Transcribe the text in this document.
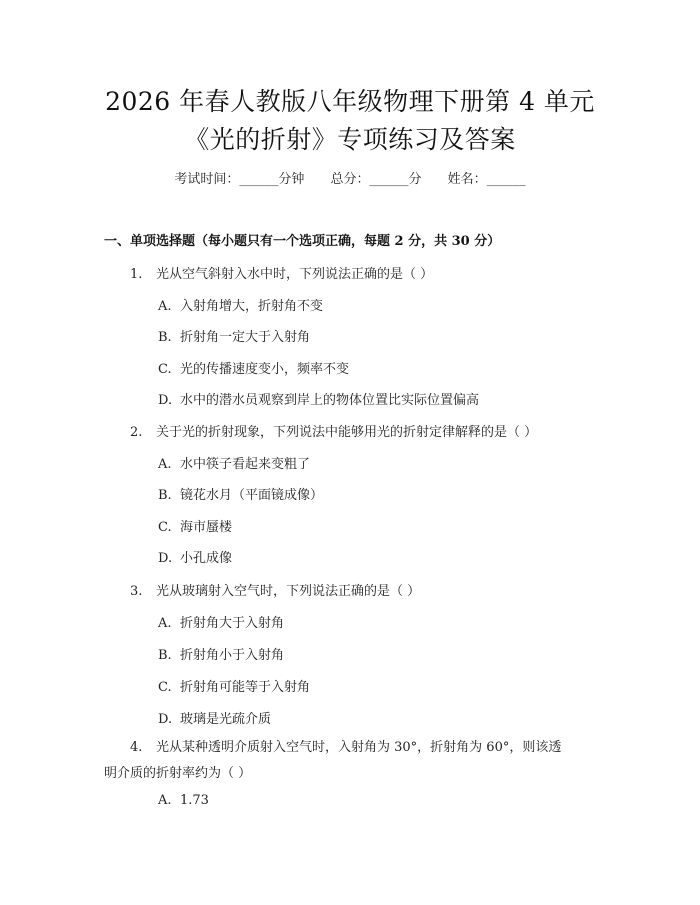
2026 年春人教版八年级物理下册第 4 单元
《光的折射》专项练习及答案
考试时间：______分钟 总分：______分 姓名：______
一、单项选择题（每小题只有一个选项正确，每题 2 分，共 30 分）
1. 光从空气斜射入水中时，下列说法正确的是（ ）
A. 入射角增大，折射角不变
B. 折射角一定大于入射角
C. 光的传播速度变小，频率不变
D. 水中的潜水员观察到岸上的物体位置比实际位置偏高
2. 关于光的折射现象，下列说法中能够用光的折射定律解释的是（ ）
A. 水中筷子看起来变粗了
B. 镜花水月（平面镜成像）
C. 海市蜃楼
D. 小孔成像
3. 光从玻璃射入空气时，下列说法正确的是（ ）
A. 折射角大于入射角
B. 折射角小于入射角
C. 折射角可能等于入射角
D. 玻璃是光疏介质
4. 光从某种透明介质射入空气时，入射角为 30°，折射角为 60°，则该透
明介质的折射率约为（ ）
A. 1.73
